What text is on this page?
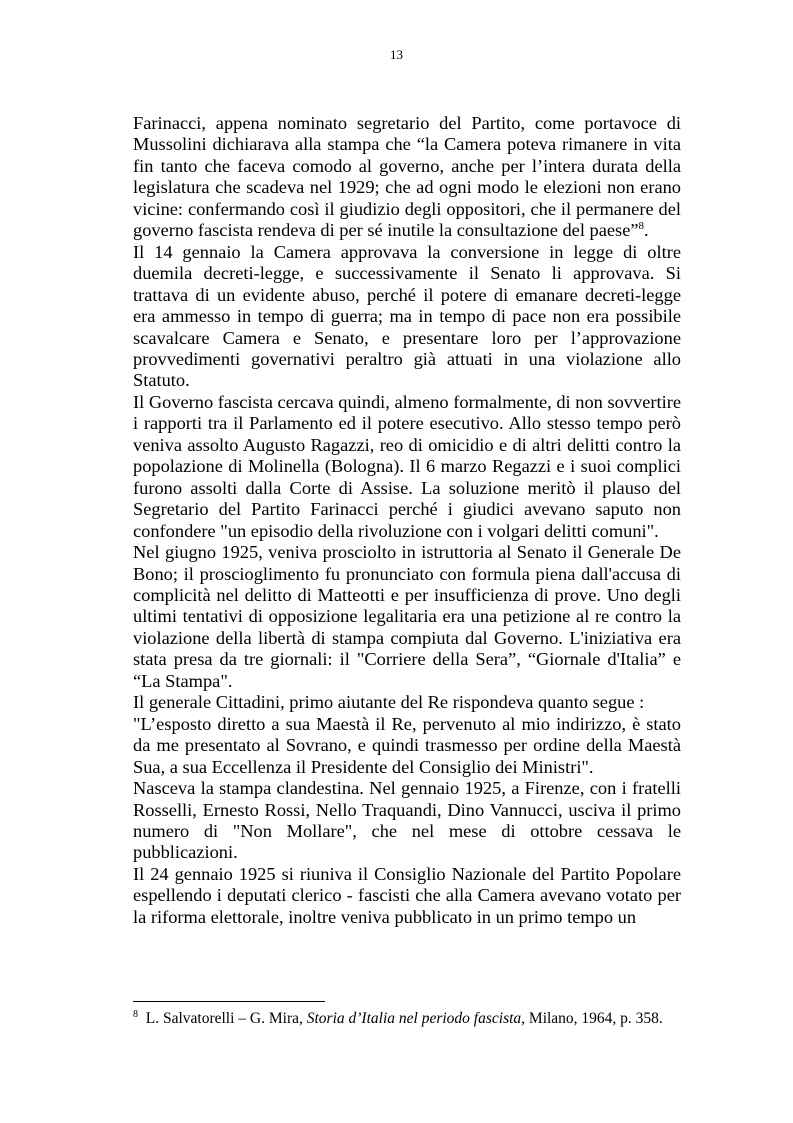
13

Farinacci, appena nominato segretario del Partito, come portavoce di Mussolini dichiarava alla stampa che “la Camera poteva rimanere in vita fin tanto che faceva comodo al governo, anche per l’intera durata della legislatura che scadeva nel 1929; che ad ogni modo le elezioni non erano vicine: confermando così il giudizio degli oppositori, che il permanere del governo fascista rendeva di per sé inutile la consultazione del paese”$^8$.

Il 14 gennaio la Camera approvava la conversione in legge di oltre duemila decreti-legge, e successivamente il Senato li approvava. Si trattava di un evidente abuso, perché il potere di emanare decreti-legge era ammesso in tempo di guerra; ma in tempo di pace non era possibile scavalcare Camera e Senato, e presentare loro per l’approvazione provvedimenti governativi peraltro già attuati in una violazione allo Statuto.

Il Governo fascista cercava quindi, almeno formalmente, di non sovvertire i rapporti tra il Parlamento ed il potere esecutivo. Allo stesso tempo però veniva assolto Augusto Ragazzi, reo di omicidio e di altri delitti contro la popolazione di Molinella (Bologna). Il 6 marzo Regazzi e i suoi complici furono assolti dalla Corte di Assise. La soluzione meritò il plauso del Segretario del Partito Farinacci perché i giudici avevano saputo non confondere "un episodio della rivoluzione con i volgari delitti comuni".

Nel giugno 1925, veniva prosciolto in istruttoria al Senato il Generale De Bono; il proscioglimento fu pronunciato con formula piena dall'accusa di complicità nel delitto di Matteotti e per insufficienza di prove. Uno degli ultimi tentativi di opposizione legalitaria era una petizione al re contro la violazione della libertà di stampa compiuta dal Governo. L'iniziativa era stata presa da tre giornali: il "Corriere della Sera”, “Giornale d'Italia” e “La Stampa".

Il generale Cittadini, primo aiutante del Re rispondeva quanto segue :

"L’esposto diretto a sua Maestà il Re, pervenuto al mio indirizzo, è stato da me presentato al Sovrano, e quindi trasmesso per ordine della Maestà Sua, a sua Eccellenza il Presidente del Consiglio dei Ministri".

Nasceva la stampa clandestina. Nel gennaio 1925, a Firenze, con i fratelli Rosselli, Ernesto Rossi, Nello Traquandi, Dino Vannucci, usciva il primo numero di "Non Mollare", che nel mese di ottobre cessava le pubblicazioni.

Il 24 gennaio 1925 si riuniva il Consiglio Nazionale del Partito Popolare espellendo i deputati clerico - fascisti che alla Camera avevano votato per la riforma elettorale, inoltre veniva pubblicato in un primo tempo un

$^8$ L. Salvatorelli – G. Mira, Storia d’Italia nel periodo fascista, Milano, 1964, p. 358.
